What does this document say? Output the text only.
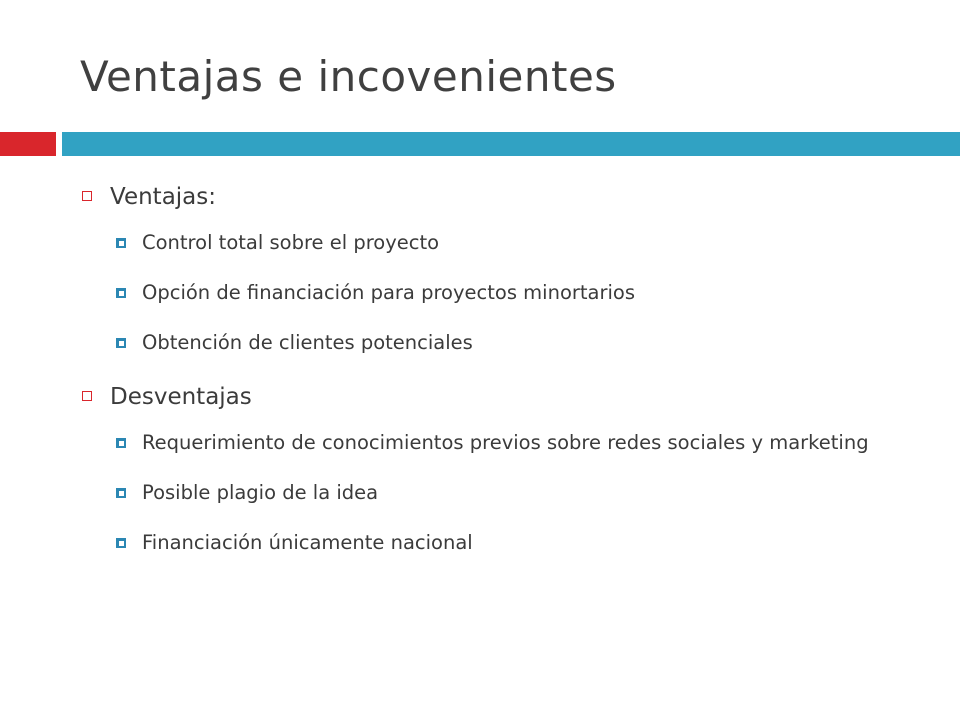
Ventajas e incovenientes
Ventajas:
Control total sobre el proyecto
Opción de financiación para proyectos minortarios
Obtención de clientes potenciales
Desventajas
Requerimiento de conocimientos previos sobre redes sociales y marketing
Posible plagio de la idea
Financiación únicamente nacional
